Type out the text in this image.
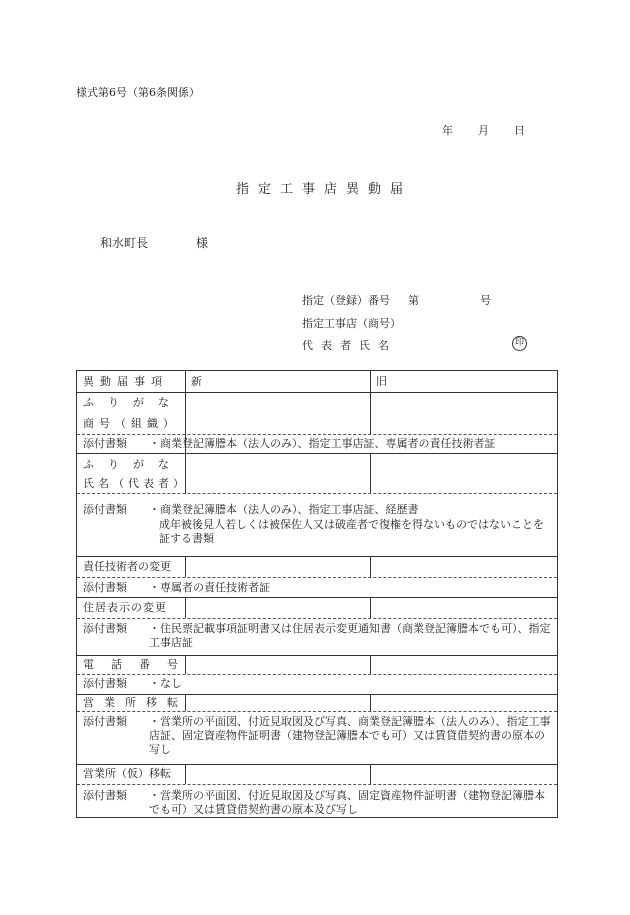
様式第6号（第6条関係）
年 月 日
指定工事店異動届
和水町長	様
指定（登録）番号 第	号
指定工事店（商号）
代表者氏名	印
異動届事項 新	旧
ふりがな
商号（組織）
添付書類 ・商業登記簿謄本（法人のみ）、指定工事店証、専属者の責任技術者証
ふりがな
氏名（代表者）
添付書類 ・商業登記簿謄本（法人のみ）、指定工事店証、経歴書
成年被後見人若しくは被保佐人又は破産者で復権を得ないものではないことを証する書類
責任技術者の変更
添付書類 ・専属者の責任技術者証
住居表示の変更
添付書類 ・住民票記載事項証明書又は住居表示変更通知書（商業登記簿謄本でも可）、指定工事店証
電話番号
添付書類 ・なし
営業所移転
添付書類 ・営業所の平面図、付近見取図及び写真、商業登記簿謄本（法人のみ）、指定工事店証、固定資産物件証明書（建物登記簿謄本でも可）又は賃貸借契約書の原本の写し
営業所（仮）移転
添付書類 ・営業所の平面図、付近見取図及び写真、固定資産物件証明書（建物登記簿謄本でも可）又は賃貸借契約書の原本及び写し
